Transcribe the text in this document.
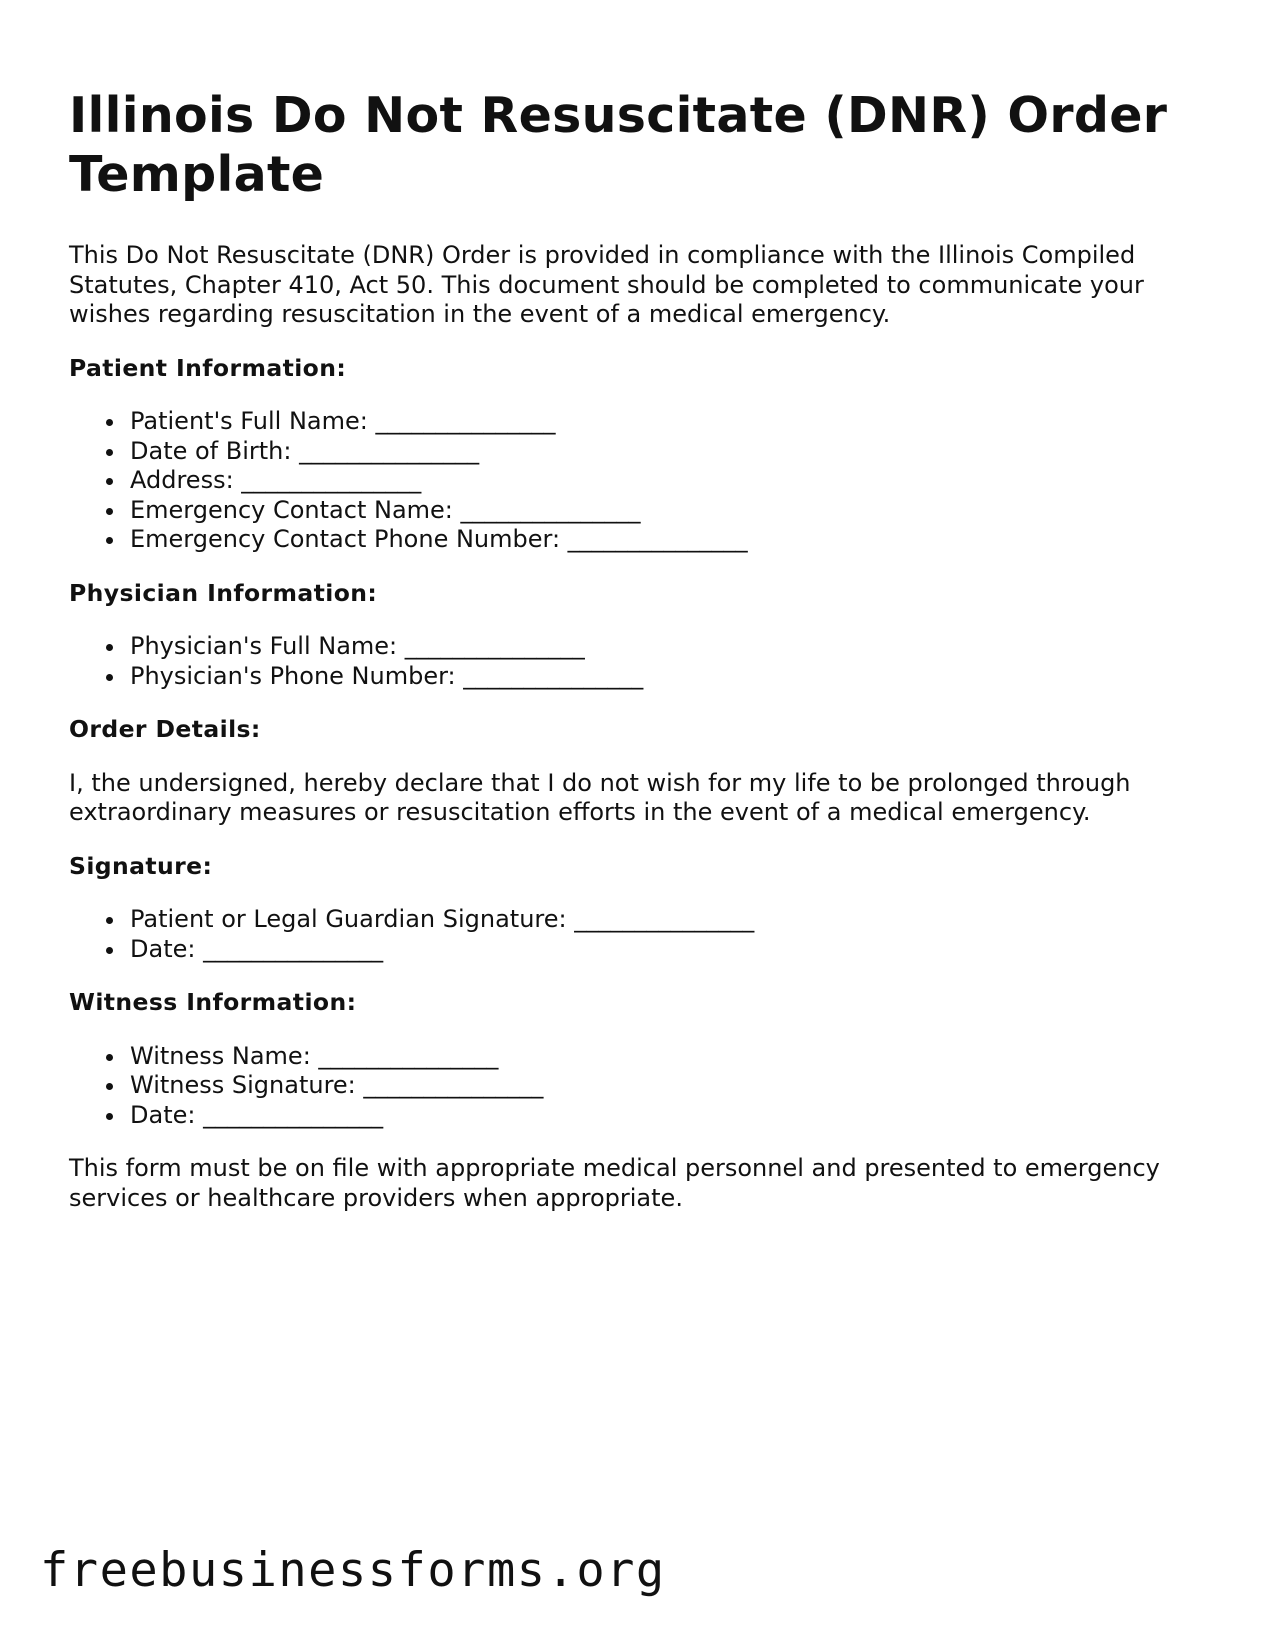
Illinois Do Not Resuscitate (DNR) Order Template

This Do Not Resuscitate (DNR) Order is provided in compliance with the Illinois Compiled Statutes, Chapter 410, Act 50. This document should be completed to communicate your wishes regarding resuscitation in the event of a medical emergency.

Patient Information:
Patient's Full Name: _______________
Date of Birth: _______________
Address: _______________
Emergency Contact Name: _______________
Emergency Contact Phone Number: _______________
Physician Information:
Physician's Full Name: _______________
Physician's Phone Number: _______________
Order Details:

I, the undersigned, hereby declare that I do not wish for my life to be prolonged through extraordinary measures or resuscitation efforts in the event of a medical emergency.

Signature:
Patient or Legal Guardian Signature: _______________
Date: _______________
Witness Information:
Witness Name: _______________
Witness Signature: _______________
Date: _______________

This form must be on file with appropriate medical personnel and presented to emergency services or healthcare providers when appropriate.

freebusinessforms.org
